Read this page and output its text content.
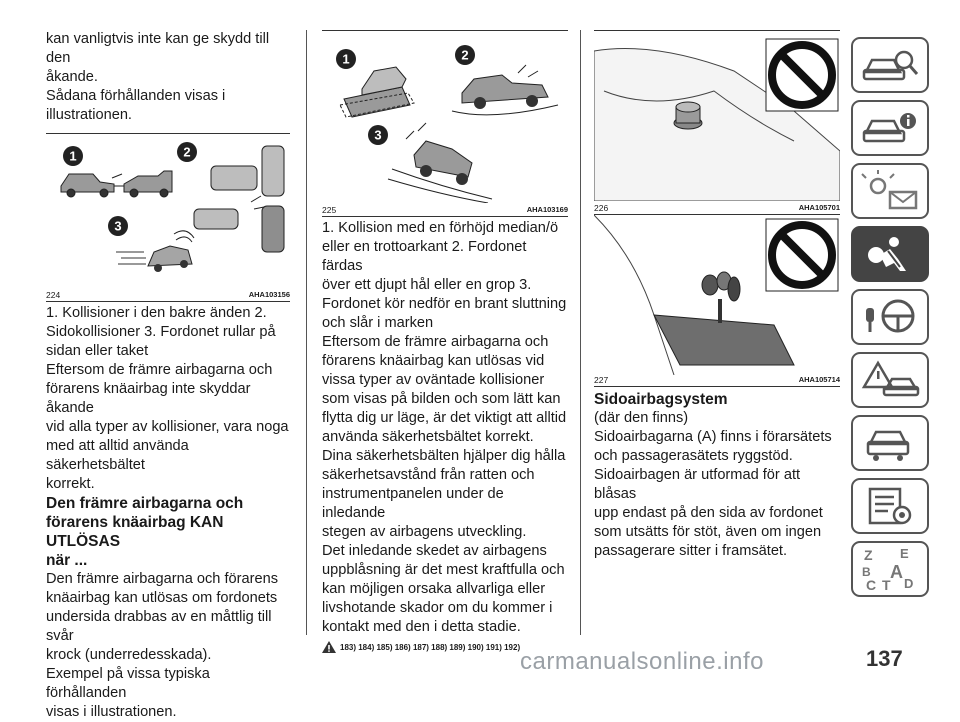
kan vanligtvis inte kan ge skydd till den

åkande.

Sådana förhållanden visas i

illustrationen.

1	2
3
224	AHA103156

1. Kollisioner i den bakre änden 2.

Sidokollisioner 3. Fordonet rullar på

sidan eller taket

Eftersom de främre airbagarna och

förarens knäairbag inte skyddar åkande

vid alla typer av kollisioner, vara noga

med att alltid använda säkerhetsbältet

korrekt.

Den främre airbagarna och
förarens knäairbag KAN UTLÖSAS
när ...

Den främre airbagarna och förarens

knäairbag kan utlösas om fordonets

undersida drabbas av en måttlig till svår

krock (underredesskada).

Exempel på vissa typiska förhållanden

visas i illustrationen.

1	2
3
225	AHA103169

1. Kollision med en förhöjd median/ö

eller en trottoarkant 2. Fordonet färdas

över ett djupt hål eller en grop 3.

Fordonet kör nedför en brant sluttning

och slår i marken

Eftersom de främre airbagarna och

förarens knäairbag kan utlösas vid

vissa typer av oväntade kollisioner

som visas på bilden och som lätt kan

flytta dig ur läge, är det viktigt att alltid

använda säkerhetsbältet korrekt.

Dina säkerhetsbälten hjälper dig hålla

säkerhetsavstånd från ratten och

instrumentpanelen under de inledande

stegen av airbagens utveckling.

Det inledande skedet av airbagens

uppblåsning är det mest kraftfulla och

kan möjligen orsaka allvarliga eller

livshotande skador om du kommer i

kontakt med den i detta stadie.

183) 184) 185) 186) 187) 188) 189) 190) 191) 192)
226	AHA105701
227	AHA105714
Sidoairbagsystem

(där den finns)

Sidoairbagarna (A) finns i förarsätets

och passagerasätets ryggstöd.

Sidoairbagen är utformad för att blåsas

upp endast på den sida av fordonet

som utsätts för stöt, även om ingen

passagerare sitter i framsätet.	Z E
B A
C T D
137
carmanualsonline.info
